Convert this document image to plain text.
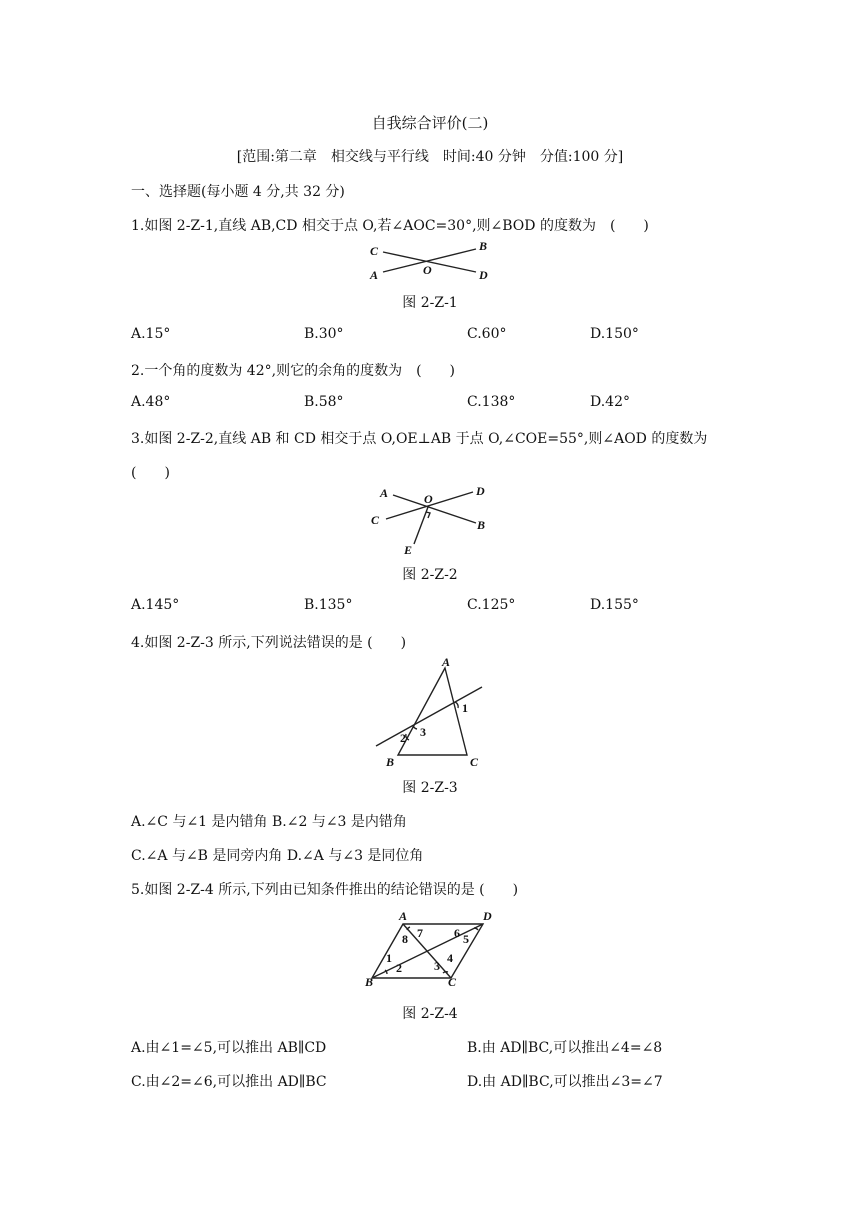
自我综合评价(二)
[范围:第二章　相交线与平行线　时间:40 分钟　分值:100 分]
一、选择题(每小题 4 分,共 32 分)
1.如图 2-Z-1,直线 AB,CD 相交于点 O,若∠AOC=30°,则∠BOD 的度数为　(　　)
C	B
A	O	D
图 2-Z-1
A.15°	B.30°	C.60°	D.150°
2.一个角的度数为 42°,则它的余角的度数为　(　　)
A.48°	B.58°	C.138°	D.42°
3.如图 2-Z-2,直线 AB 和 CD 相交于点 O,OE⊥AB 于点 O,∠COE=55°,则∠AOD 的度数为
(　　)
A	O
D
C	B
E
图 2-Z-2
A.145°	B.135°	C.125°	D.155°
4.如图 2-Z-3 所示,下列说法错误的是 (　　)
A
1
2 3
B	C
图 2-Z-3
A.∠C 与∠1 是内错角 B.∠2 与∠3 是内错角
C.∠A 与∠B 是同旁内角 D.∠A 与∠3 是同位角
5.如图 2-Z-4 所示,下列由已知条件推出的结论错误的是 (　　)
A	D
8 7	6 5
1
2	3
4
B	C
图 2-Z-4
A.由∠1=∠5,可以推出 AB∥CD	B.由 AD∥BC,可以推出∠4=∠8
C.由∠2=∠6,可以推出 AD∥BC	D.由 AD∥BC,可以推出∠3=∠7
